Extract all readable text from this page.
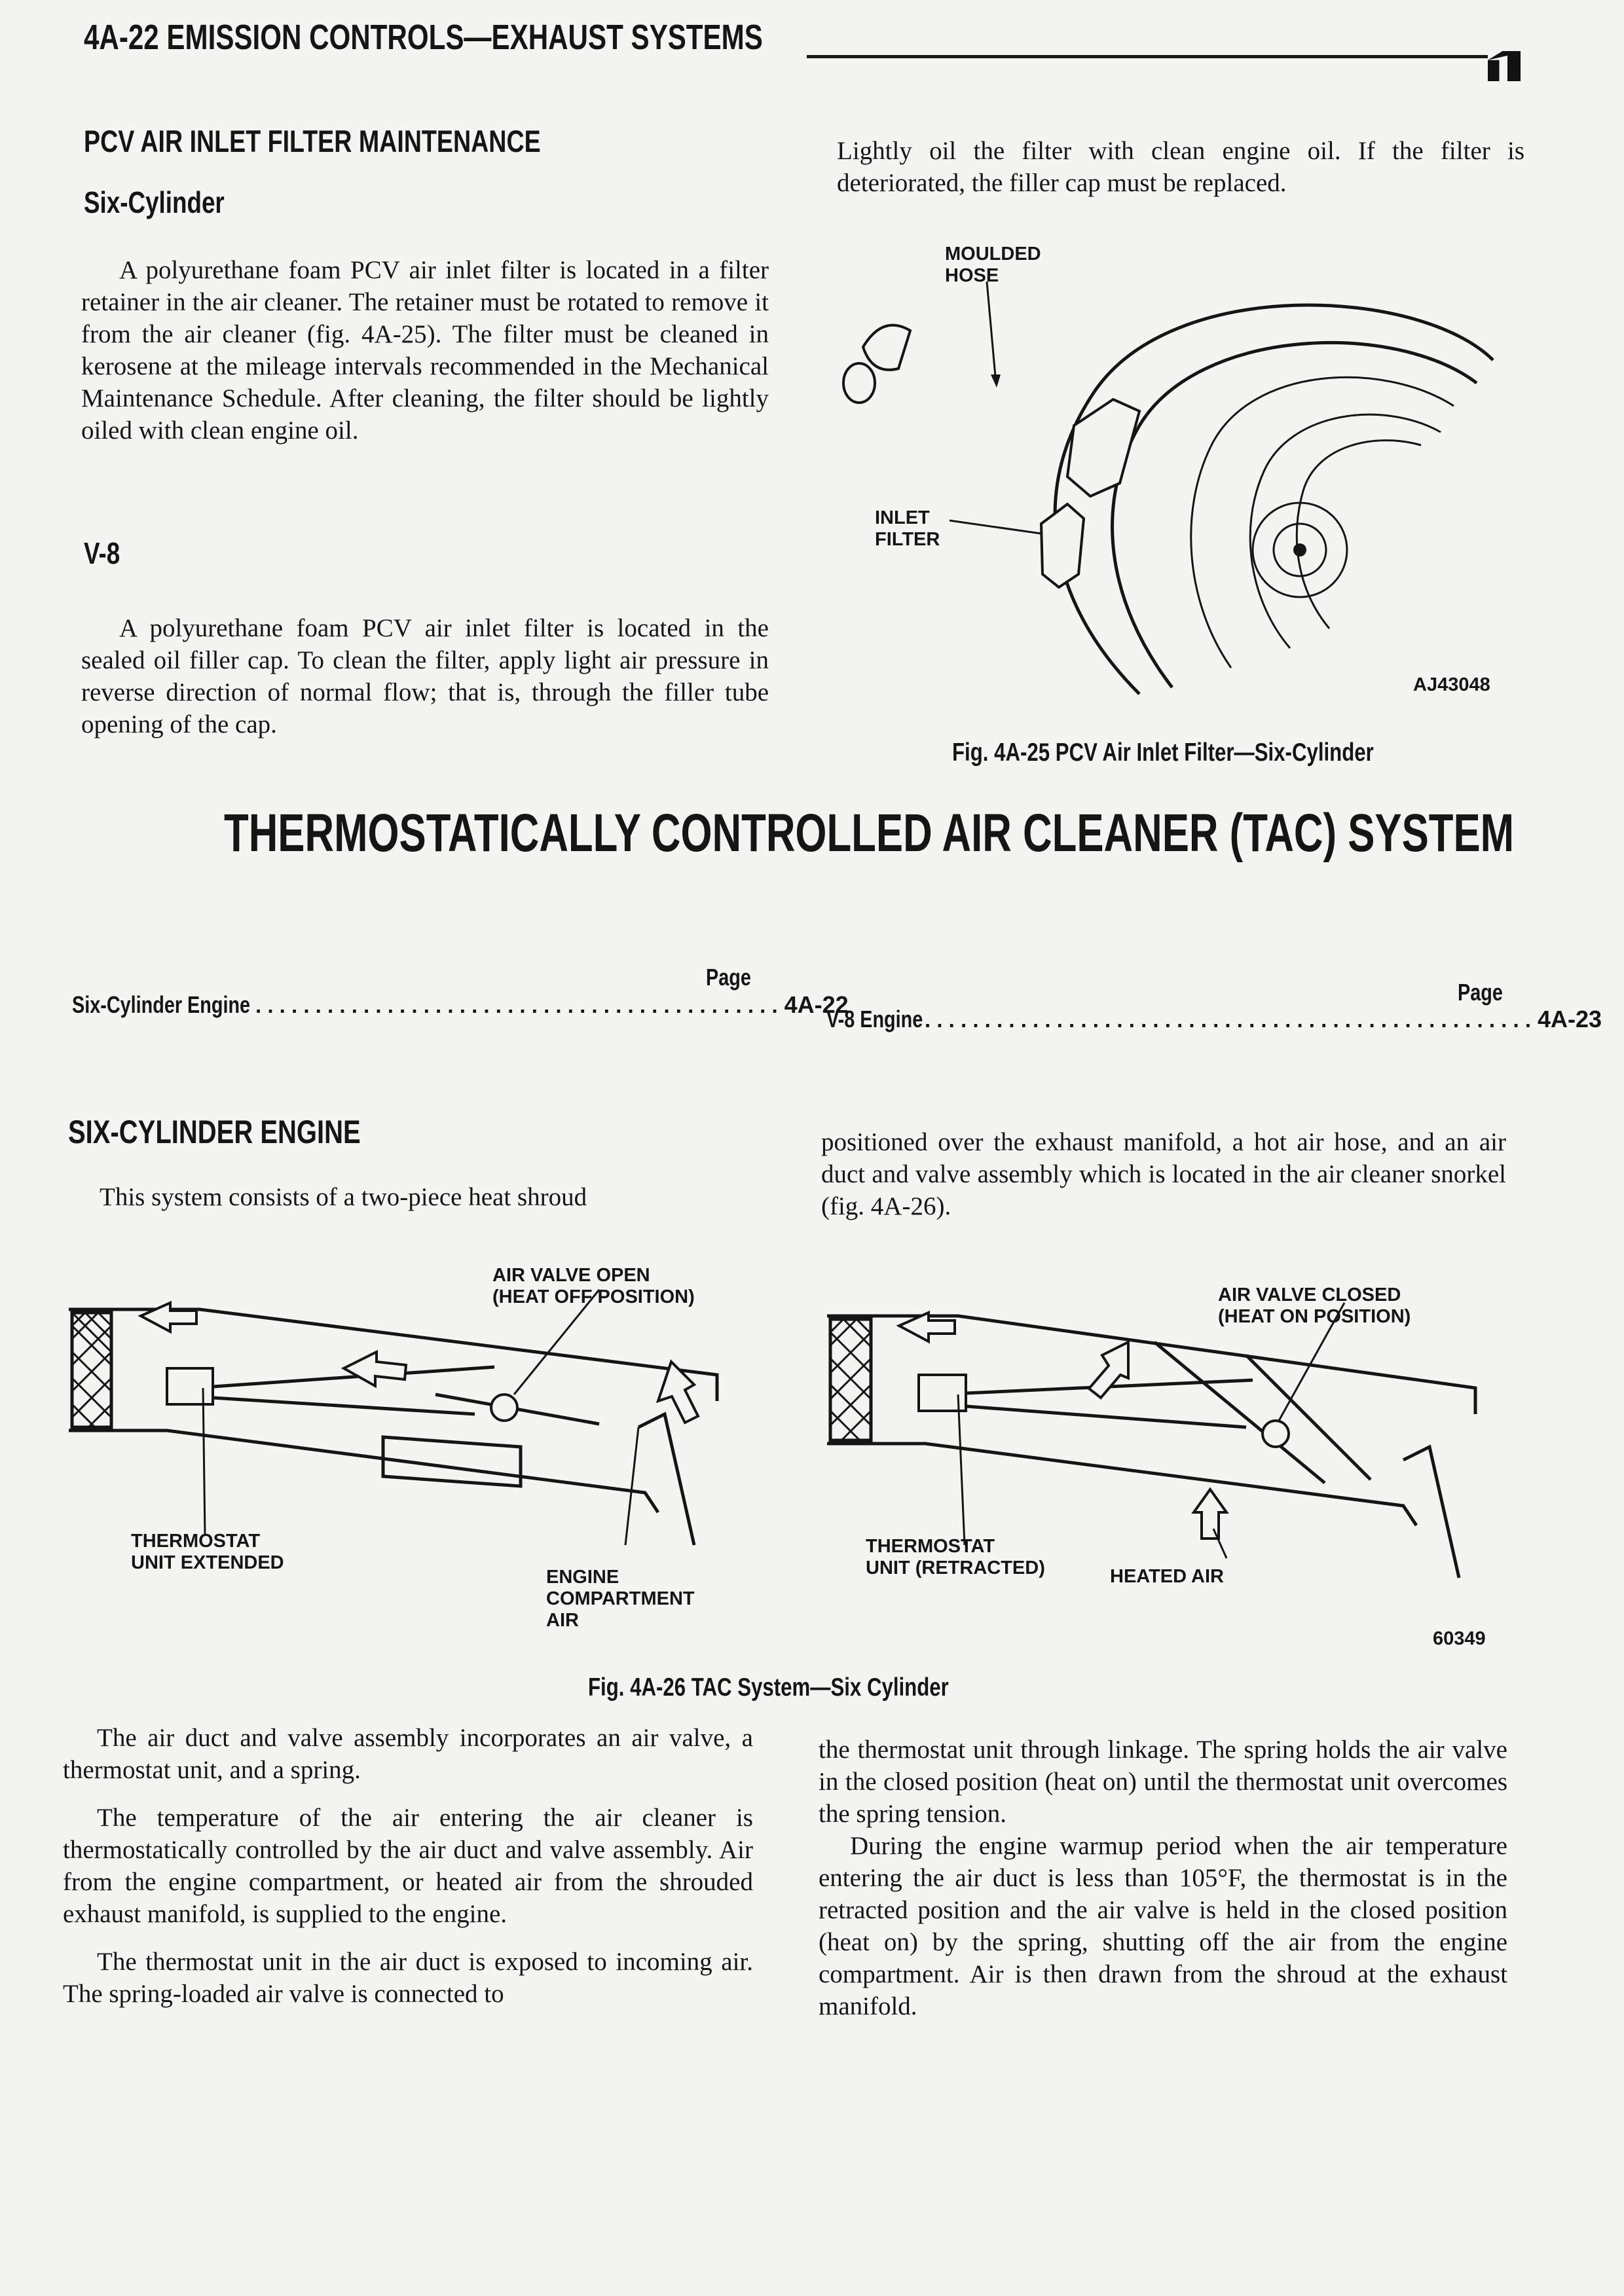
4A-22 EMISSION CONTROLS—EXHAUST SYSTEMS
PCV AIR INLET FILTER MAINTENANCE
Six-Cylinder

A polyurethane foam PCV air inlet filter is located in a filter retainer in the air cleaner. The retainer must be rotated to remove it from the air cleaner (fig. 4A-25). The filter must be cleaned in kerosene at the mileage intervals recommended in the Mechanical Maintenance Schedule. After cleaning, the filter should be lightly oiled with clean engine oil.

V-8

A polyurethane foam PCV air inlet filter is located in the sealed oil filler cap. To clean the filter, apply light air pressure in reverse direction of normal flow; that is, through the filler tube opening of the cap.

Lightly oil the filter with clean engine oil. If the filter is deteriorated, the filler cap must be replaced.

MOULDED
HOSE
INLET
FILTER
AJ43048
Fig. 4A-25 PCV Air Inlet Filter—Six-Cylinder
THERMOSTATICALLY CONTROLLED AIR CLEANER (TAC) SYSTEM
Page
Six-Cylinder Engine . . . . . . . . . . . . . . . . . . . . . . . . . . . . . . . . . . . . . . . . . . . . 4A-22	Page
V-8 Engine . . . . . . . . . . . . . . . . . . . . . . . . . . . . . . . . . . . . . . . . . . . . . . . . . . . 4A-23
SIX-CYLINDER ENGINE

This system consists of a two-piece heat shroud

positioned over the exhaust manifold, a hot air hose, and an air duct and valve assembly which is located in the air cleaner snorkel (fig. 4A-26).

AIR VALVE OPEN
(HEAT OFF POSITION)
THERMOSTAT
UNIT EXTENDED
ENGINE
COMPARTMENT
AIR
AIR VALVE CLOSED
(HEAT ON POSITION)
THERMOSTAT
UNIT (RETRACTED)	HEATED AIR
60349
Fig. 4A-26 TAC System—Six Cylinder

The air duct and valve assembly incorporates an air valve, a thermostat unit, and a spring.

The temperature of the air entering the air cleaner is thermostatically controlled by the air duct and valve assembly. Air from the engine compartment, or heated air from the shrouded exhaust manifold, is supplied to the engine.

The thermostat unit in the air duct is exposed to incoming air. The spring-loaded air valve is connected to

the thermostat unit through linkage. The spring holds the air valve in the closed position (heat on) until the thermostat unit overcomes the spring tension.

During the engine warmup period when the air temperature entering the air duct is less than 105°F, the thermostat is in the retracted position and the air valve is held in the closed position (heat on) by the spring, shutting off the air from the engine compartment. Air is then drawn from the shroud at the exhaust manifold.
